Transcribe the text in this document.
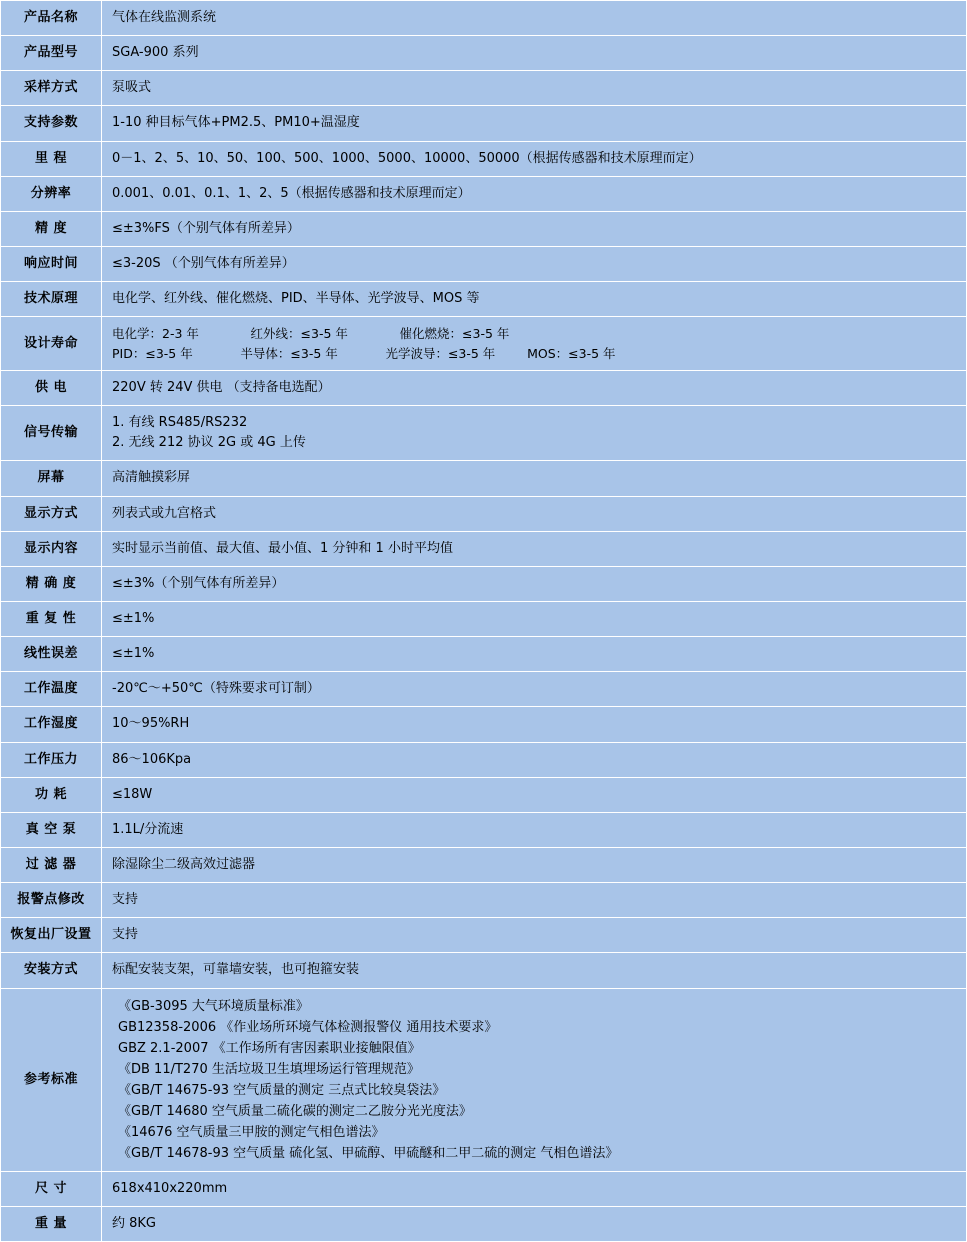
产品名称	气体在线监测系统

产品型号	SGA-900 系列

采样方式	泵吸式

支持参数	1-10 种目标气体+PM2.5、PM10+温湿度

里 程	0－1、2、5、10、50、100、500、1000、5000、10000、50000（根据传感器和技术原理而定）

分辨率	0.001、0.01、0.1、1、2、5（根据传感器和技术原理而定）

精 度	≤±3%FS（个别气体有所差异）

响应时间	≤3-20S （个别气体有所差异）

技术原理	电化学、红外线、催化燃烧、PID、半导体、光学波导、MOS 等

设计寿命	电化学：2-3 年             红外线：≤3-5 年             催化燃烧：≤3-5 年
PID：≤3-5 年            半导体：≤3-5 年            光学波导：≤3-5 年        MOS：≤3-5 年

供 电	220V 转 24V 供电 （支持备电选配）

信号传输	1. 有线 RS485/RS232
2. 无线 212 协议 2G 或 4G 上传

屏幕	高清触摸彩屏

显示方式	列表式或九宫格式

显示内容	实时显示当前值、最大值、最小值、1 分钟和 1 小时平均值

精 确 度	≤±3%（个别气体有所差异）

重 复 性	≤±1%

线性误差	≤±1%

工作温度	-20℃～+50℃（特殊要求可订制）

工作湿度	10～95%RH

工作压力	86～106Kpa

功 耗	≤18W

真 空 泵	1.1L/分流速

过 滤 器	除湿除尘二级高效过滤器

报警点修改	支持

恢复出厂设置	支持

安装方式	标配安装支架，可靠墙安装，也可抱箍安装

参考标准	
《GB-3095 大气环境质量标准》
GB12358-2006 《作业场所环境气体检测报警仪 通用技术要求》
GBZ 2.1-2007 《工作场所有害因素职业接触限值》
《DB 11/T270 生活垃圾卫生填埋场运行管理规范》
《GB/T 14675-93 空气质量的测定 三点式比较臭袋法》
《GB/T 14680 空气质量二硫化碳的测定二乙胺分光光度法》
《14676 空气质量三甲胺的测定气相色谱法》
《GB/T 14678-93 空气质量 硫化氢、甲硫醇、甲硫醚和二甲二硫的测定 气相色谱法》

尺 寸	618x410x220mm

重 量	约 8KG
